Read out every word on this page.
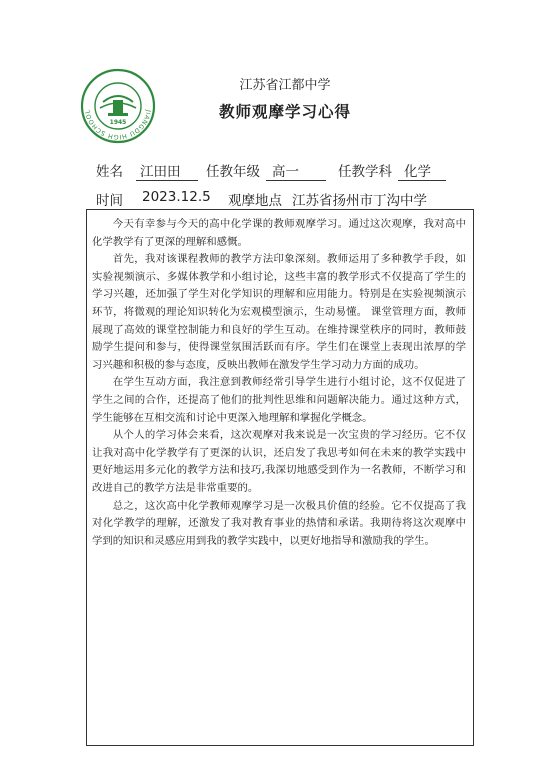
JIANGDU HIGH SCHOOL
1945
江苏省江都中学
教师观摩学习心得
姓名 江田田 任教年级 高一	任教学科 化学
时间 2023.12.5 观摩地点 江苏省扬州市丁沟中学

今天有幸参与今天的高中化学课的教师观摩学习。通过这次观摩，我对高中化学教学有了更深的理解和感慨。

首先，我对该课程教师的教学方法印象深刻。教师运用了多种教学手段，如实验视频演示、多媒体教学和小组讨论，这些丰富的教学形式不仅提高了学生的学习兴趣，还加强了学生对化学知识的理解和应用能力。特别是在实验视频演示环节，将微观的理论知识转化为宏观模型演示，生动易懂。 课堂管理方面，教师展现了高效的课堂控制能力和良好的学生互动。在维持课堂秩序的同时，教师鼓励学生提问和参与，使得课堂氛围活跃而有序。学生们在课堂上表现出浓厚的学习兴趣和积极的参与态度，反映出教师在激发学生学习动力方面的成功。

在学生互动方面，我注意到教师经常引导学生进行小组讨论，这不仅促进了学生之间的合作，还提高了他们的批判性思维和问题解决能力。通过这种方式，学生能够在互相交流和讨论中更深入地理解和掌握化学概念。

从个人的学习体会来看，这次观摩对我来说是一次宝贵的学习经历。它不仅让我对高中化学教学有了更深的认识，还启发了我思考如何在未来的教学实践中更好地运用多元化的教学方法和技巧,我深切地感受到作为一名教师，不断学习和改进自己的教学方法是非常重要的。

总之，这次高中化学教师观摩学习是一次极具价值的经验。它不仅提高了我对化学教学的理解，还激发了我对教育事业的热情和承诺。我期待将这次观摩中学到的知识和灵感应用到我的教学实践中，以更好地指导和激励我的学生。
